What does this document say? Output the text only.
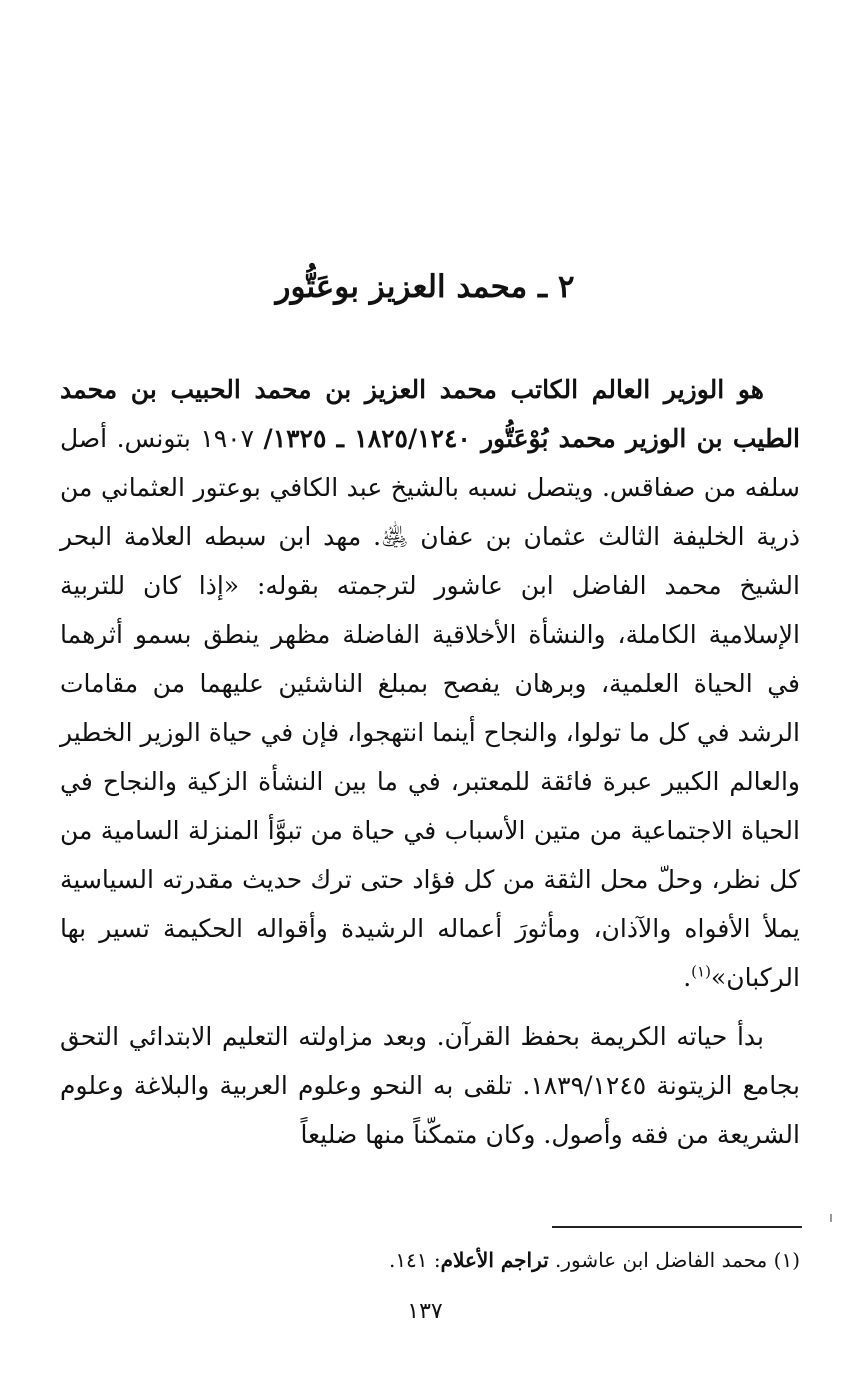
٢ ـ محمد العزيز بوعَتُّور

هو الوزير العالم الكاتب محمد العزيز بن محمد الحبيب بن محمد الطيب بن الوزير محمد بُوْعَتُّور ١٨٢٥/١٢٤٠ ـ ١٣٢٥/ ١٩٠٧ بتونس. أصل سلفه من صفاقس. ويتصل نسبه بالشيخ عبد الكافي بوعتور العثماني من ذرية الخليفة الثالث عثمان بن عفان ﵁. مهد ابن سبطه العلامة البحر الشيخ محمد الفاضل ابن عاشور لترجمته بقوله: «إذا كان للتربية الإسلامية الكاملة، والنشأة الأخلاقية الفاضلة مظهر ينطق بسمو أثرهما في الحياة العلمية، وبرهان يفصح بمبلغ الناشئين عليهما من مقامات الرشد في كل ما تولوا، والنجاح أينما انتهجوا، فإن في حياة الوزير الخطير والعالم الكبير عبرة فائقة للمعتبر، في ما بين النشأة الزكية والنجاح في الحياة الاجتماعية من متين الأسباب في حياة من تبوَّأ المنزلة السامية من كل نظر، وحلّ محل الثقة من كل فؤاد حتى ترك حديث مقدرته السياسية يملأ الأفواه والآذان، ومأثورَ أعماله الرشيدة وأقواله الحكيمة تسير بها الركبان»$^{(١)}$.

بدأ حياته الكريمة بحفظ القرآن. وبعد مزاولته التعليم الابتدائي التحق بجامع الزيتونة ١٨٣٩/١٢٤٥. تلقى به النحو وعلوم العربية والبلاغة وعلوم الشريعة من فقه وأصول. وكان متمكّناً منها ضليعاً

(١) محمد الفاضل ابن عاشور. تراجم الأعلام: ١٤١.

١٣٧
